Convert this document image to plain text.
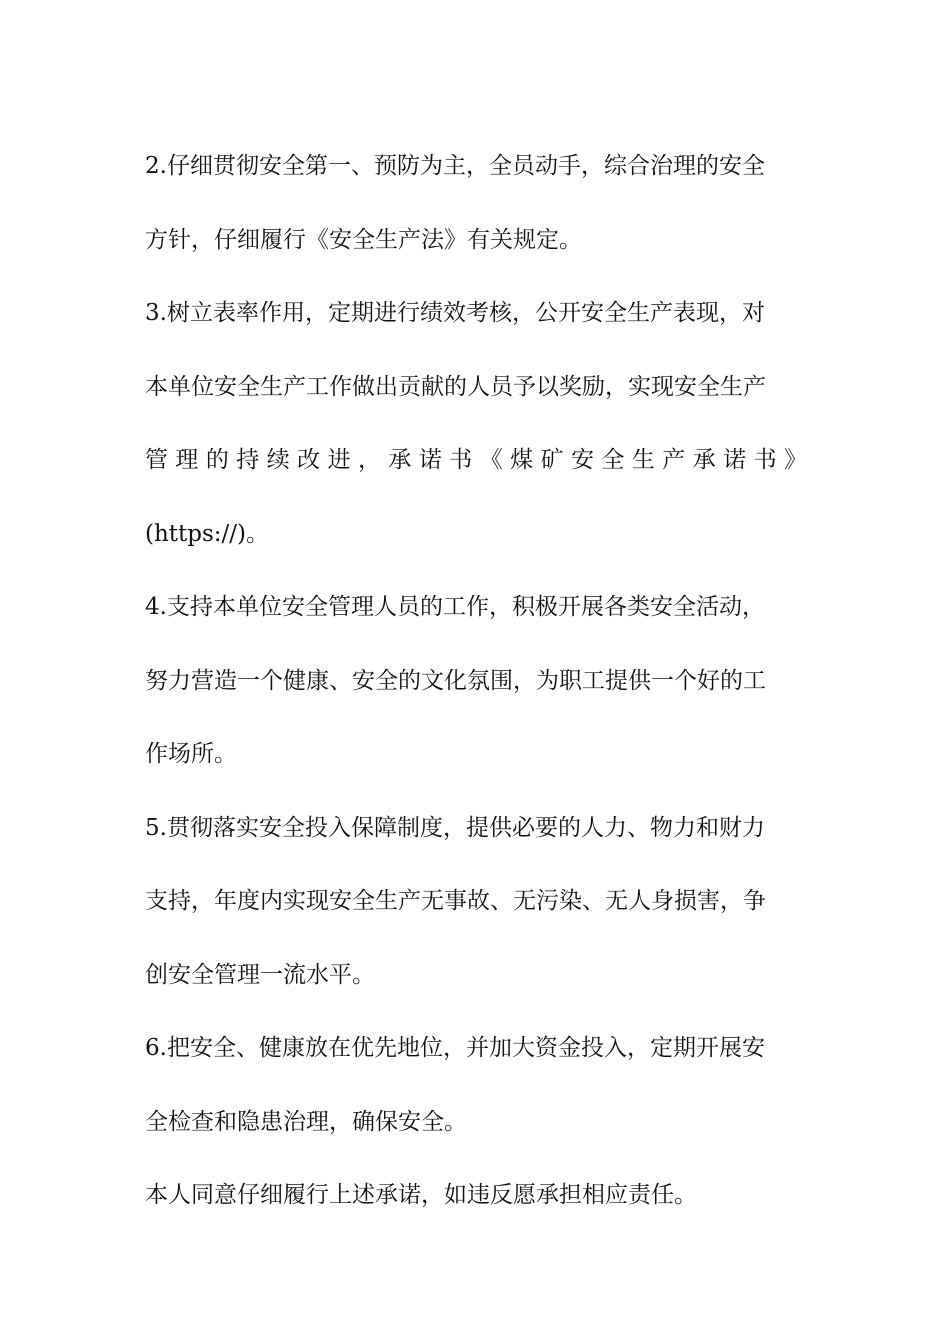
2.仔细贯彻安全第一、预防为主，全员动手，综合治理的安全
方针，仔细履行《安全生产法》有关规定。
3.树立表率作用，定期进行绩效考核，公开安全生产表现，对
本单位安全生产工作做出贡献的人员予以奖励，实现安全生产
管理的持续改进，承诺书《煤矿安全生产承诺书》
(https://)。
4.支持本单位安全管理人员的工作，积极开展各类安全活动，
努力营造一个健康、安全的文化氛围，为职工提供一个好的工
作场所。
5.贯彻落实安全投入保障制度，提供必要的人力、物力和财力
支持，年度内实现安全生产无事故、无污染、无人身损害，争
创安全管理一流水平。
6.把安全、健康放在优先地位，并加大资金投入，定期开展安
全检查和隐患治理，确保安全。
本人同意仔细履行上述承诺，如违反愿承担相应责任。
